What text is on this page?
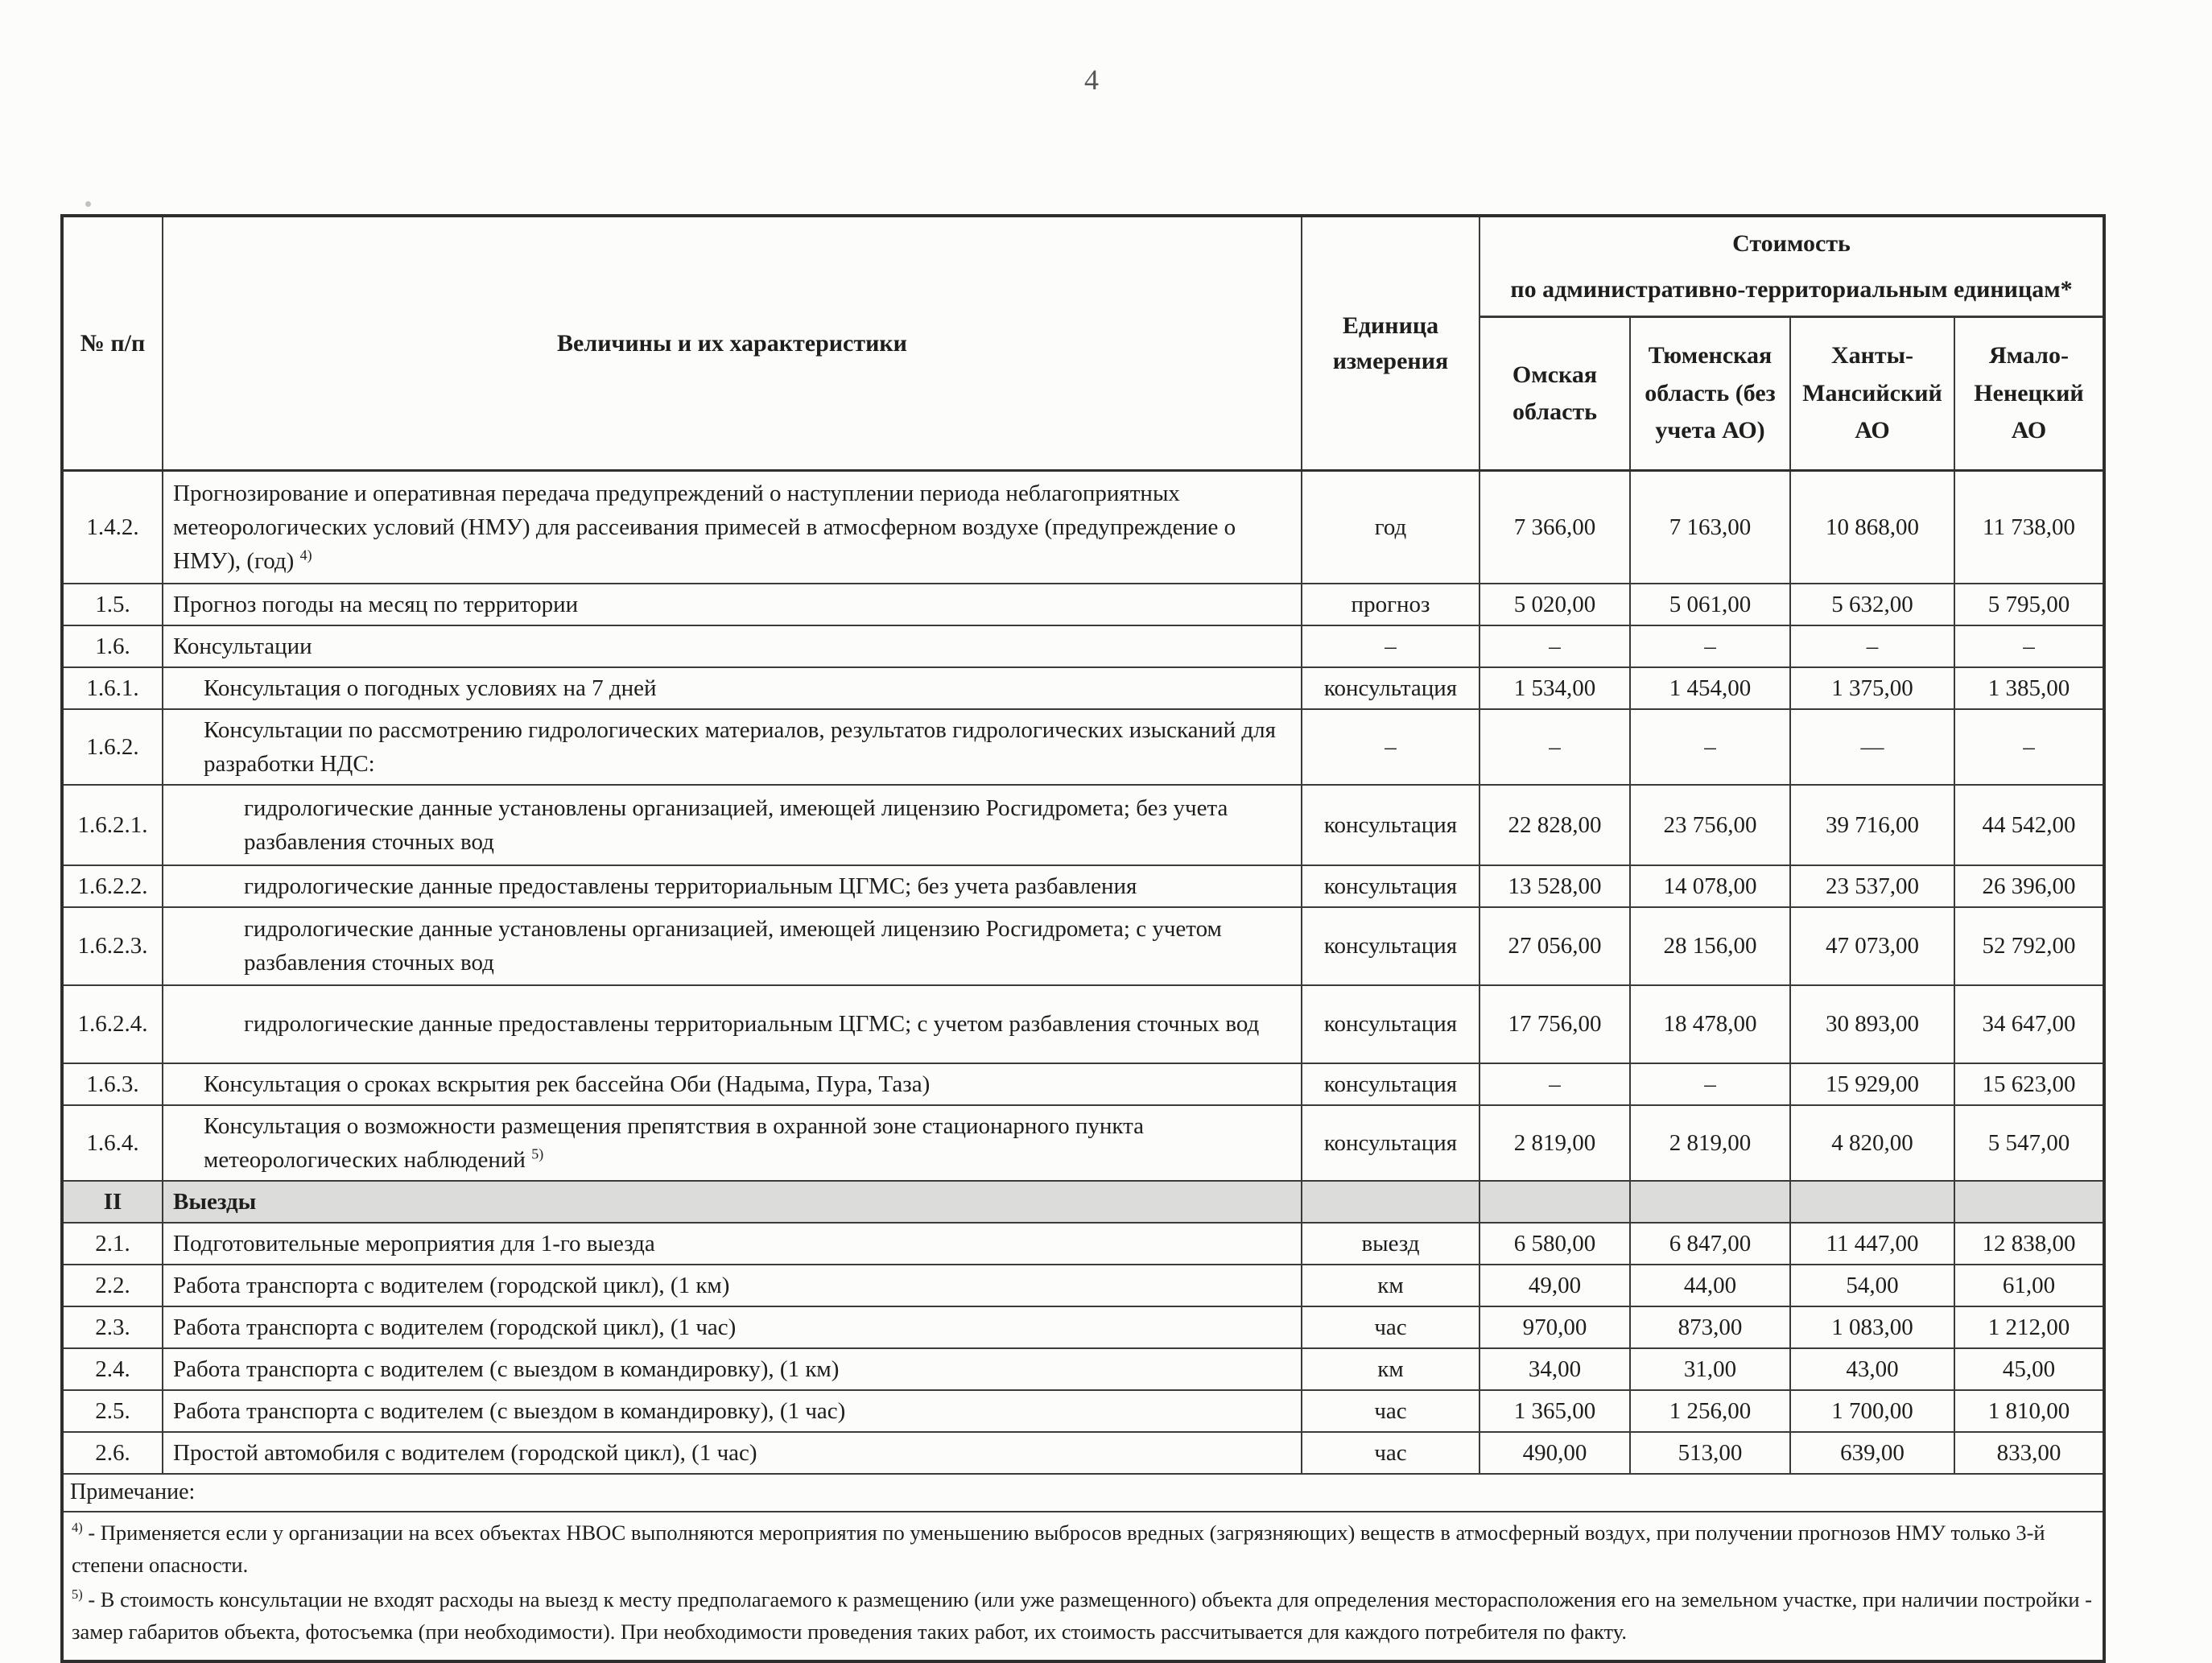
4
№ п/п	Величины и их характеристики	Единица измерения	Стоимость
по административно-территориальным единицам*			

			Омская область	Тюменская область (без учета АО)	Ханты-Мансийский АО	Ямало-Ненецкий АО
1.4.2.	Прогнозирование и оперативная передача предупреждений о наступлении периода неблагоприятных метеорологических условий (НМУ) для рассеивания примесей в атмосферном воздухе (предупреждение о НМУ), (год) $^{4)}$	год	7 366,00	7 163,00	10 868,00	11 738,00
1.5.	Прогноз погоды на месяц по территории	прогноз	5 020,00	5 061,00	5 632,00	5 795,00
1.6.	Консультации	–	–	–	–	–
1.6.1.	Консультация о погодных условиях на 7 дней	консультация	1 534,00	1 454,00	1 375,00	1 385,00
1.6.2.	Консультации по рассмотрению гидрологических материалов, результатов гидрологических изысканий для разработки НДС:	–	–	–	—	–
1.6.2.1.	гидрологические данные установлены организацией, имеющей лицензию Росгидромета; без учета разбавления сточных вод	консультация	22 828,00	23 756,00	39 716,00	44 542,00
1.6.2.2.	гидрологические данные предоставлены территориальным ЦГМС; без учета разбавления	консультация	13 528,00	14 078,00	23 537,00	26 396,00
1.6.2.3.	гидрологические данные установлены организацией, имеющей лицензию Росгидромета; с учетом разбавления сточных вод	консультация	27 056,00	28 156,00	47 073,00	52 792,00
1.6.2.4.	гидрологические данные предоставлены территориальным ЦГМС; с учетом разбавления сточных вод	консультация	17 756,00	18 478,00	30 893,00	34 647,00
1.6.3.	Консультация о сроках вскрытия рек бассейна Оби (Надыма, Пура, Таза)	консультация	–	–	15 929,00	15 623,00
1.6.4.	Консультация о возможности размещения препятствия в охранной зоне стационарного пункта метеорологических наблюдений $^{5)}$	консультация	2 819,00	2 819,00	4 820,00	5 547,00
II	Выезды					
2.1.	Подготовительные мероприятия для 1-го выезда	выезд	6 580,00	6 847,00	11 447,00	12 838,00
2.2.	Работа транспорта с водителем (городской цикл), (1 км)	км	49,00	44,00	54,00	61,00
2.3.	Работа транспорта с водителем (городской цикл), (1 час)	час	970,00	873,00	1 083,00	1 212,00
2.4.	Работа транспорта с водителем (с выездом в командировку), (1 км)	км	34,00	31,00	43,00	45,00
2.5.	Работа транспорта с водителем (с выездом в командировку), (1 час)	час	1 365,00	1 256,00	1 700,00	1 810,00
2.6.	Простой автомобиля с водителем (городской цикл), (1 час)	час	490,00	513,00	639,00	833,00
Примечание:						

$^{4)}$ - Применяется если у организации на всех объектах НВОС выполняются мероприятия по уменьшению выбросов вредных (загрязняющих) веществ в атмосферный воздух, при получении прогнозов НМУ только 3-й степени опасности.

$^{5)}$ - В стоимость консультации не входят расходы на выезд к месту предполагаемого к размещению (или уже размещенного) объекта для определения месторасположения его на земельном участке, при наличии постройки - замер габаритов объекта, фотосъемка (при необходимости). При необходимости проведения таких работ, их стоимость рассчитывается для каждого потребителя по факту.						
